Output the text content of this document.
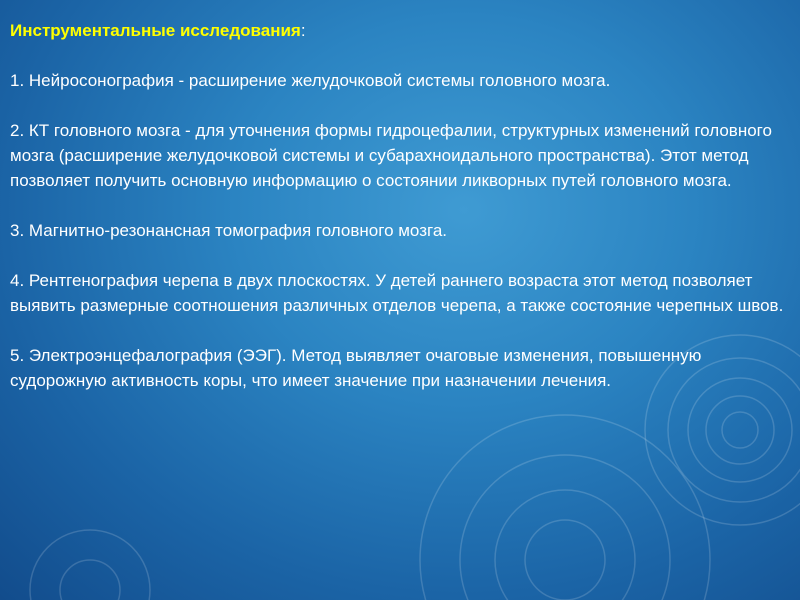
Инструментальные исследования:

1. Нейросонография - расширение желудочковой системы головного мозга.

2. КТ головного мозга - для уточнения формы гидроцефалии, структурных изменений головного мозга (расширение желудочковой системы и субарахноидального пространства). Этот метод позволяет получить основную информацию о состоянии ликворных путей головного мозга.

3. Магнитно-резонансная томография головного мозга.

4. Рентгенография черепа в двух плоскостях. У детей раннего возраста этот метод позволяет выявить размерные соотношения различных отделов черепа, а также состояние черепных швов.

5. Электроэнцефалография (ЭЭГ). Метод выявляет очаговые изменения, повышенную судорожную активность коры, что имеет значение при назначении лечения.
